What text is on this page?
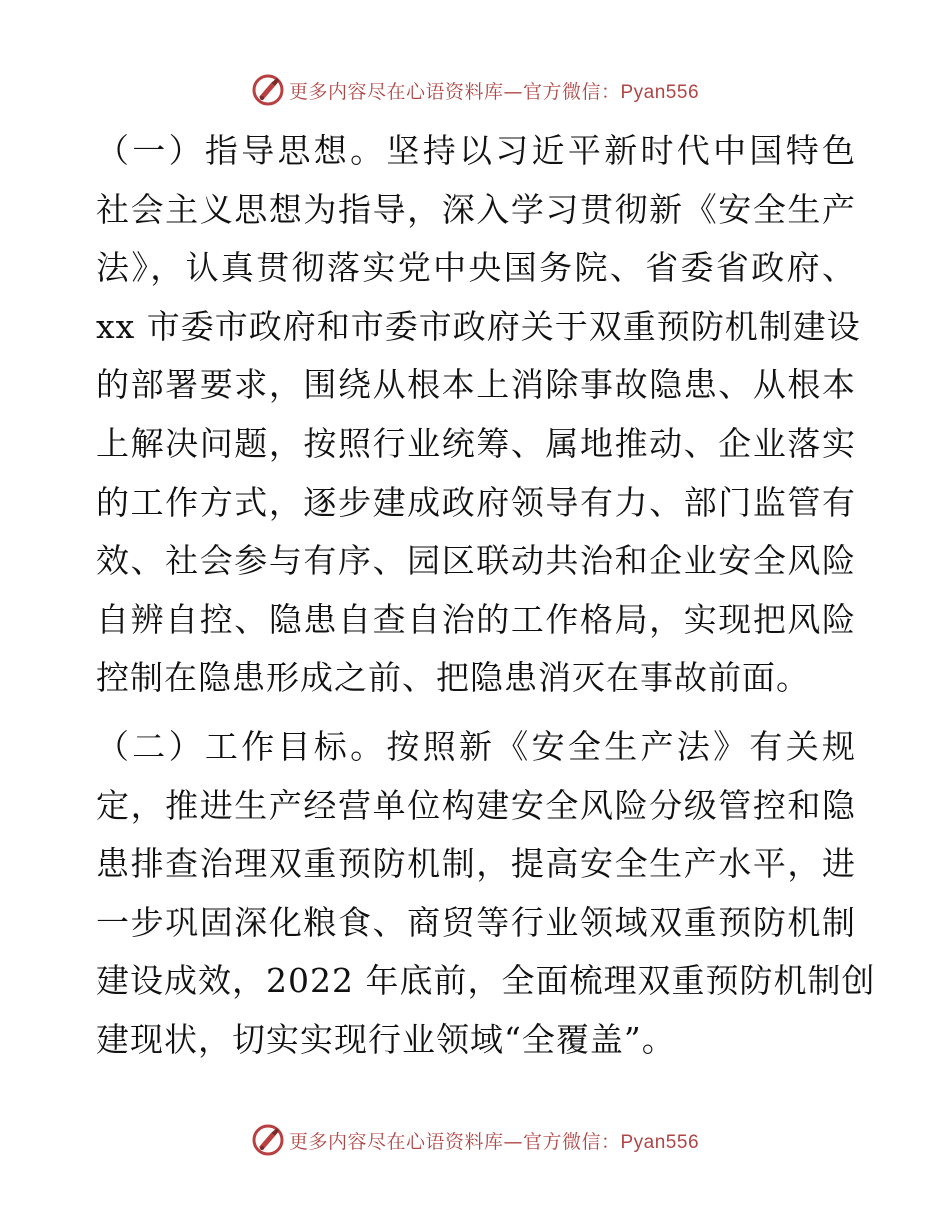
更多内容尽在心语资料库—官方微信：Pyan556
（一）指导思想。坚持以习近平新时代中国特色
社会主义思想为指导，深入学习贯彻新《安全生产
法》，认真贯彻落实党中央国务院、省委省政府、
xx 市委市政府和市委市政府关于双重预防机制建设
的部署要求，围绕从根本上消除事故隐患、从根本
上解决问题，按照行业统筹、属地推动、企业落实
的工作方式，逐步建成政府领导有力、部门监管有
效、社会参与有序、园区联动共治和企业安全风险
自辨自控、隐患自查自治的工作格局，实现把风险
控制在隐患形成之前、把隐患消灭在事故前面。
（二）工作目标。按照新《安全生产法》有关规
定，推进生产经营单位构建安全风险分级管控和隐
患排查治理双重预防机制，提高安全生产水平，进
一步巩固深化粮食、商贸等行业领域双重预防机制
建设成效，2022 年底前，全面梳理双重预防机制创
建现状，切实实现行业领域“全覆盖”。
更多内容尽在心语资料库—官方微信：Pyan556
